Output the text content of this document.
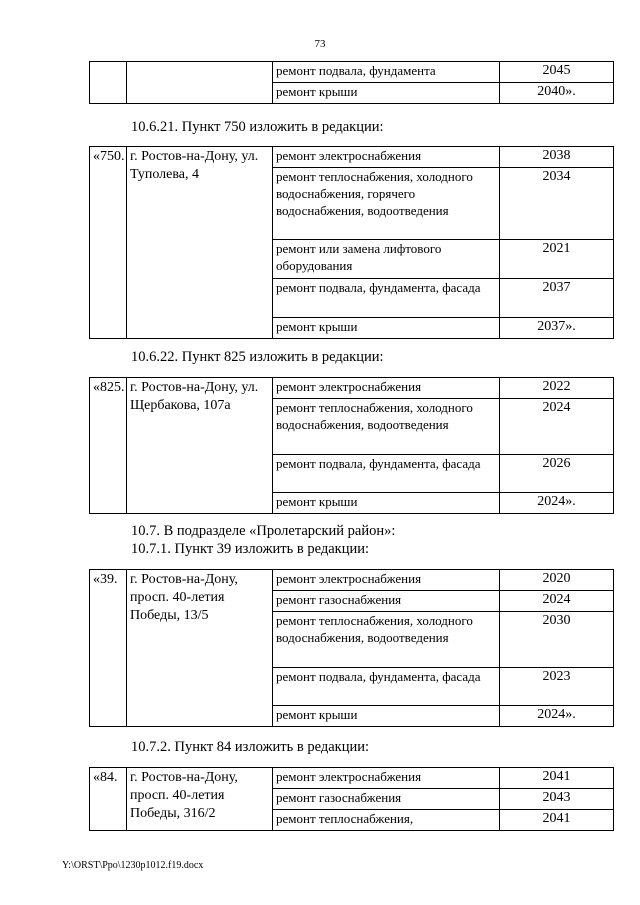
73
		ремонт подвала, фундамента	2045
		ремонт крыши	2040».
10.6.21. Пункт 750 изложить в редакции:
«750.	г. Ростов-на-Дону, ул. Туполева, 4	ремонт электроснабжения	2038
		ремонт теплоснабжения, холодного водоснабжения, горячего водоснабжения, водоотведения	2034
		ремонт или замена лифтового оборудования	2021
		ремонт подвала, фундамента, фасада	2037
		ремонт крыши	2037».
10.6.22. Пункт 825 изложить в редакции:
«825.	г. Ростов-на-Дону, ул. Щербакова, 107а	ремонт электроснабжения	2022
		ремонт теплоснабжения, холодного водоснабжения, водоотведения	2024
		ремонт подвала, фундамента, фасада	2026
		ремонт крыши	2024».
10.7. В подразделе «Пролетарский район»:
10.7.1. Пункт 39 изложить в редакции:
«39.	г. Ростов-на-Дону, просп. 40-летия Победы, 13/5	ремонт электроснабжения	2020
		ремонт газоснабжения	2024
		ремонт теплоснабжения, холодного водоснабжения, водоотведения	2030
		ремонт подвала, фундамента, фасада	2023
		ремонт крыши	2024».
10.7.2. Пункт 84 изложить в редакции:
«84.	г. Ростов-на-Дону, просп. 40-летия Победы, 316/2	ремонт электроснабжения	2041
		ремонт газоснабжения	2043
		ремонт теплоснабжения,	2041
Y:\ORST\Ppo\1230p1012.f19.docx
